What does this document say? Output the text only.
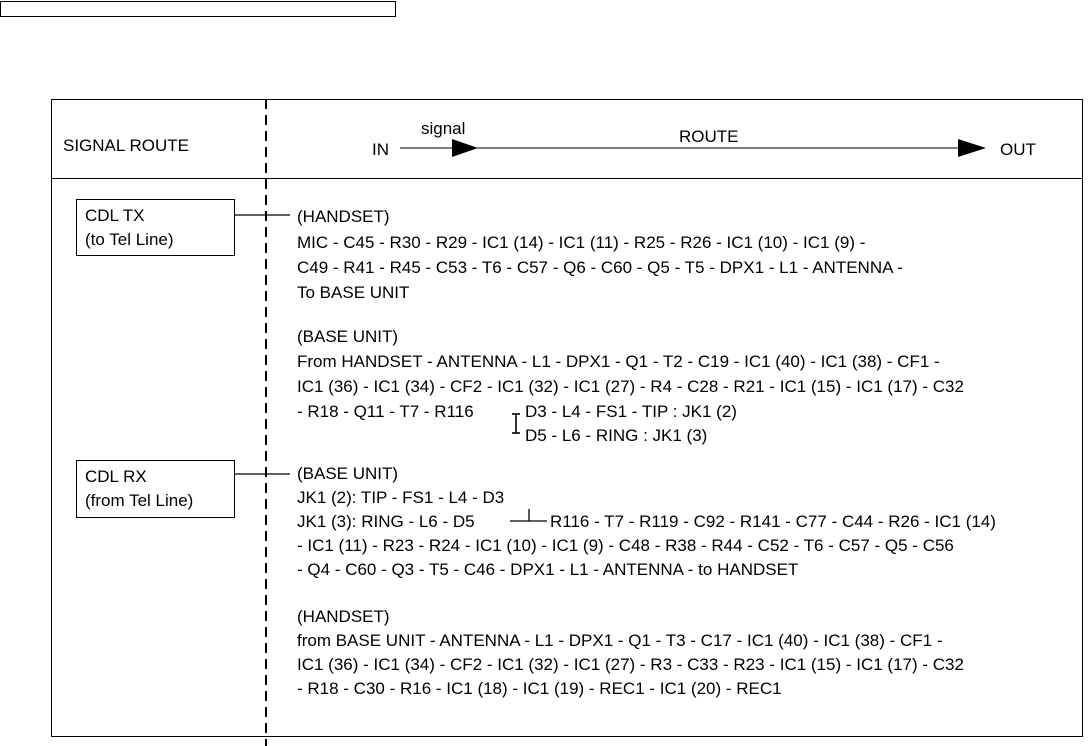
SIGNAL ROUTE	IN
signal	ROUTE
OUT
CDL TX
(to Tel Line)
(HANDSET)
MIC - C45 - R30 - R29 - IC1 (14) - IC1 (11) - R25 - R26 - IC1 (10) - IC1 (9) -
C49 - R41 - R45 - C53 - T6 - C57 - Q6 - C60 - Q5 - T5 - DPX1 - L1 - ANTENNA -
To BASE UNIT
(BASE UNIT)
From HANDSET - ANTENNA - L1 - DPX1 - Q1 - T2 - C19 - IC1 (40) - IC1 (38) - CF1 -
IC1 (36) - IC1 (34) - CF2 - IC1 (32) - IC1 (27) - R4 - C28 - R21 - IC1 (15) - IC1 (17) - C32
- R18 - Q11 - T7 - R116	D3 - L4 - FS1 - TIP : JK1 (2)
D5 - L6 - RING : JK1 (3)
CDL RX
(from Tel Line)
(BASE UNIT)
JK1 (2): TIP - FS1 - L4 - D3
JK1 (3): RING - L6 - D5	R116 - T7 - R119 - C92 - R141 - C77 - C44 - R26 - IC1 (14)
- IC1 (11) - R23 - R24 - IC1 (10) - IC1 (9) - C48 - R38 - R44 - C52 - T6 - C57 - Q5 - C56
- Q4 - C60 - Q3 - T5 - C46 - DPX1 - L1 - ANTENNA - to HANDSET
(HANDSET)
from BASE UNIT - ANTENNA - L1 - DPX1 - Q1 - T3 - C17 - IC1 (40) - IC1 (38) - CF1 -
IC1 (36) - IC1 (34) - CF2 - IC1 (32) - IC1 (27) - R3 - C33 - R23 - IC1 (15) - IC1 (17) - C32
- R18 - C30 - R16 - IC1 (18) - IC1 (19) - REC1 - IC1 (20) - REC1
